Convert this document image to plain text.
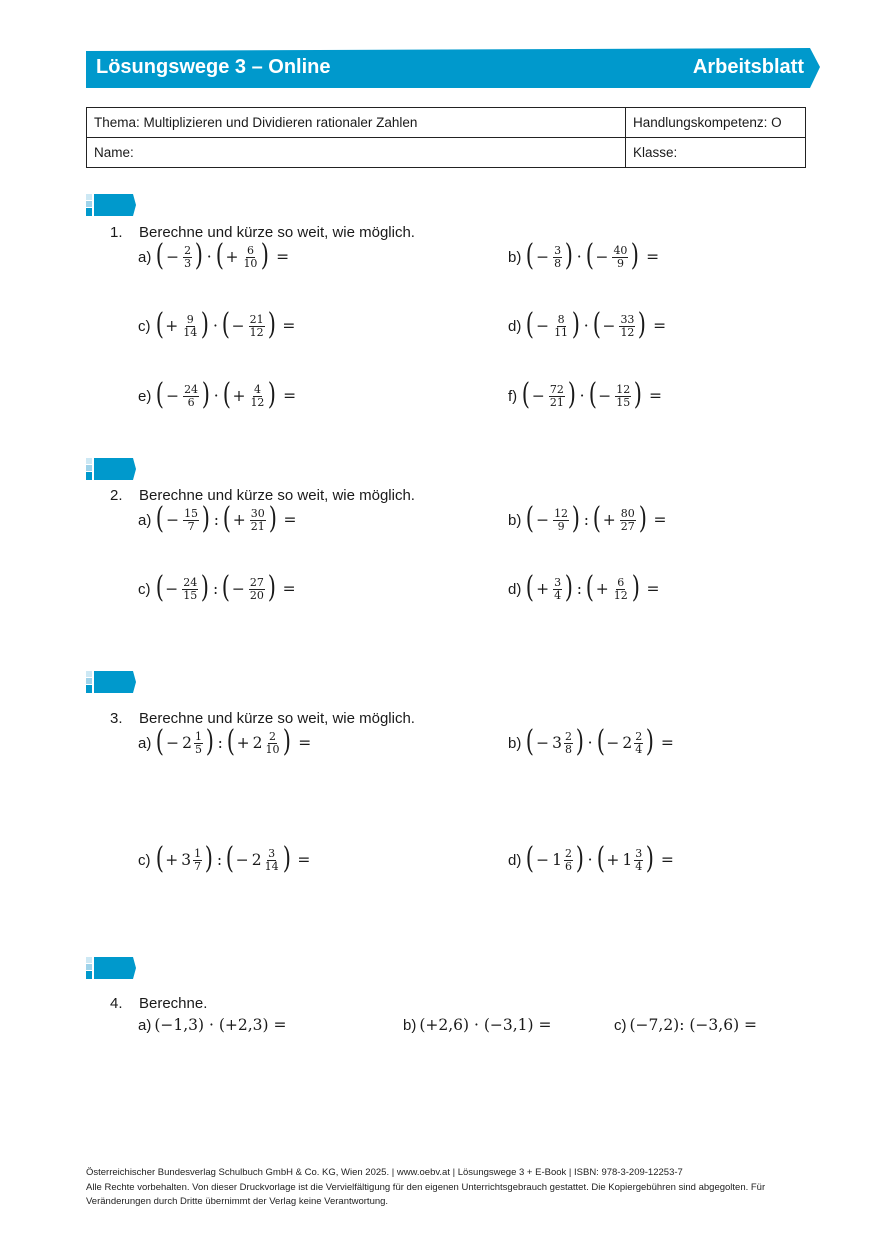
Lösungswege 3 – Online	Arbeitsblatt
Thema: Multiplizieren und Dividieren rationaler Zahlen	Handlungskompetenz: O
Name:	Klasse:
1. Berechne und kürze so weit, wie möglich.
a) ( − $\frac{2}{3}$ ) · ( + $\frac{6}{10}$ ) =	b) ( − $\frac{3}{8}$ ) · ( − $\frac{40}{9}$ ) =
c) ( + $\frac{9}{14}$ ) · ( − $\frac{21}{12}$ ) =	d) ( − $\frac{8}{11}$ ) · ( − $\frac{33}{12}$ ) =
e) ( − $\frac{24}{6}$ ) · ( + $\frac{4}{12}$ ) =	f) ( − $\frac{72}{21}$ ) · ( − $\frac{12}{15}$ ) =
2. Berechne und kürze so weit, wie möglich.
a) ( − $\frac{15}{7}$ ) : ( + $\frac{30}{21}$ ) =	b) ( − $\frac{12}{9}$ ) : ( + $\frac{80}{27}$ ) =
c) ( − $\frac{24}{15}$ ) : ( − $\frac{27}{20}$ ) =	d) ( + $\frac{3}{4}$ ) : ( + $\frac{6}{12}$ ) =
3. Berechne und kürze so weit, wie möglich.
a) ( − $2 \frac{1}{5}$ ) : ( + $2 \frac{2}{10}$ ) =	b) ( − $3 \frac{2}{8}$ ) · ( − $2 \frac{2}{4}$ ) =
c) ( + $3 \frac{1}{7}$ ) : ( − $2 \frac{3}{14}$ ) =	d) ( − $1 \frac{2}{6}$ ) · ( + $1 \frac{3}{4}$ ) =
4. Berechne.
a) (−1,3) · (+2,3) =	b) (+2,6) · (−3,1) =	c) (−7,2): (−3,6) =
Österreichischer Bundesverlag Schulbuch GmbH & Co. KG, Wien 2025. | www.oebv.at | Lösungswege 3 + E-Book | ISBN: 978-3-209-12253-7
Alle Rechte vorbehalten. Von dieser Druckvorlage ist die Vervielfältigung für den eigenen Unterrichtsgebrauch gestattet. Die Kopiergebühren sind abgegolten. Für Veränderungen durch Dritte übernimmt der Verlag keine Verantwortung.
